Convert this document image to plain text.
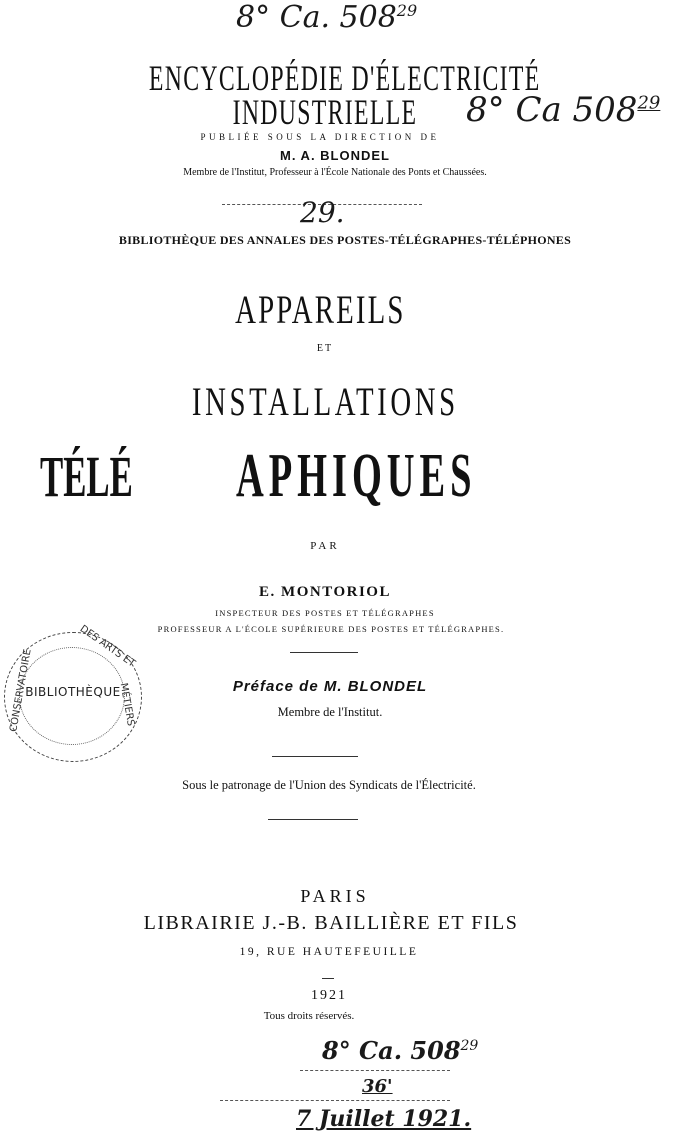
8° Ca. $508^{29}$
ENCYCLOPÉDIE D'ÉLECTRICITÉ
INDUSTRIELLE	8° Ca $508^{29}$
PUBLIÉE SOUS LA DIRECTION DE
M. A. BLONDEL
Membre de l'Institut, Professeur à l'École Nationale des Ponts et Chaussées.
29.
BIBLIOTHÈQUE DES ANNALES DES POSTES-TÉLÉGRAPHES-TÉLÉPHONES
APPAREILS
ET
INSTALLATIONS
TÉLÉ	APHIQUES
PAR
E. MONTORIOL
INSPECTEUR DES POSTES ET TÉLÉGRAPHES
PROFESSEUR A L'ÉCOLE SUPÉRIEURE DES POSTES ET TÉLÉGRAPHES.
BIBLIOTHÈQUE
DES ARTS ET
CONSERVATOIRE	MÉTIERS	Préface de M. BLONDEL
Membre de l'Institut.
Sous le patronage de l'Union des Syndicats de l'Électricité.
PARIS
LIBRAIRIE J.-B. BAILLIÈRE ET FILS
19, RUE HAUTEFEUILLE
1921
Tous droits réservés.
8° Ca. $508^{29}$
36'
7 Juillet 1921.
